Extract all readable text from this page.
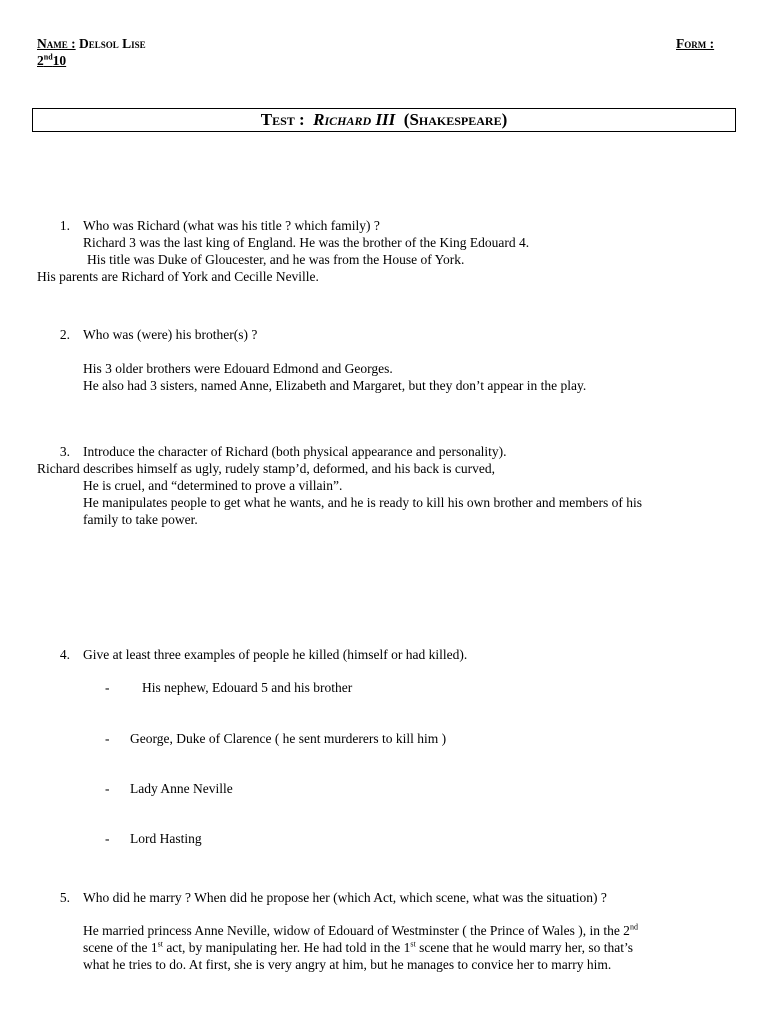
Name : Delsol Lise	Form :
2nd10
Test : Richard III (Shakespeare)
1. Who was Richard (what was his title ? which family) ?
Richard 3 was the last king of England. He was the brother of the King Edouard 4.
His title was Duke of Gloucester, and he was from the House of York.
His parents are Richard of York and Cecille Neville.
2. Who was (were) his brother(s) ?
His 3 older brothers were Edouard Edmond and Georges.
He also had 3 sisters, named Anne, Elizabeth and Margaret, but they don’t appear in the play.
3. Introduce the character of Richard (both physical appearance and personality).
Richard describes himself as ugly, rudely stamp’d, deformed, and his back is curved,
He is cruel, and “determined to prove a villain”.
He manipulates people to get what he wants, and he is ready to kill his own brother and members of his
family to take power.
4. Give at least three examples of people he killed (himself or had killed).
- His nephew, Edouard 5 and his brother
- George, Duke of Clarence ( he sent murderers to kill him )
- Lady Anne Neville
- Lord Hasting
5. Who did he marry ? When did he propose her (which Act, which scene, what was the situation) ?
He married princess Anne Neville, widow of Edouard of Westminster ( the Prince of Wales ), in the 2nd
scene of the 1st act, by manipulating her. He had told in the 1st scene that he would marry her, so that’s
what he tries to do. At first, she is very angry at him, but he manages to convice her to marry him.
